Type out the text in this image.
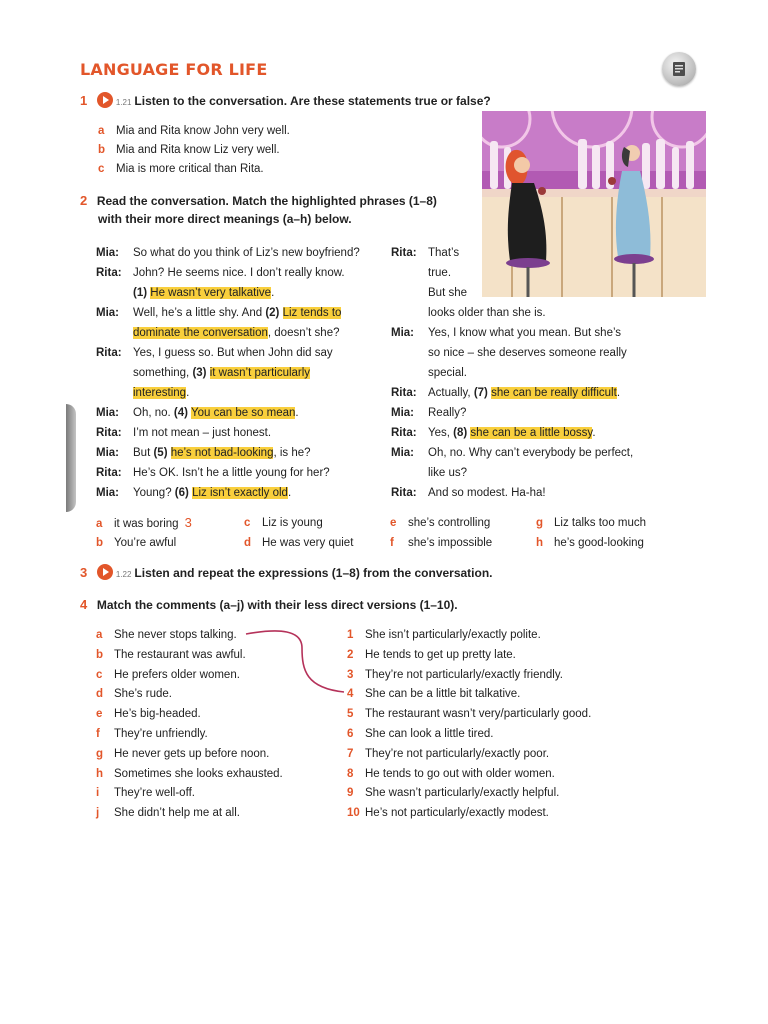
LANGUAGE FOR LIFE
1	1.21 Listen to the conversation. Are these statements true or false?
a Mia and Rita know John very well.
b Mia and Rita know Liz very well.
c Mia is more critical than Rita.
2 Read the conversation. Match the highlighted phrases (1–8)
with their more direct meanings (a–h) below.
Mia: So what do you think of Liz’s new boyfriend?
Rita: John? He seems nice. I don’t really know.
(1) He wasn’t very talkative.
Mia: Well, he’s a little shy. And (2) Liz tends to
dominate the conversation, doesn’t she?
Rita: Yes, I guess so. But when John did say
something, (3) it wasn’t particularly
interesting.
Mia: Oh, no. (4) You can be so mean.
Rita: I’m not mean – just honest.
Mia: But (5) he’s not bad-looking, is he?
Rita: He’s OK. Isn’t he a little young for her?
Mia: Young? (6) Liz isn’t exactly old.
Rita: That’s
true.
But she
looks older than she is.
Mia: Yes, I know what you mean. But she’s
so nice – she deserves someone really
special.
Rita: Actually, (7) she can be really difficult.
Mia: Really?
Rita: Yes, (8) she can be a little bossy.
Mia: Oh, no. Why can’t everybody be perfect,
like us?
Rita: And so modest. Ha-ha!
a it was boring 3
b You’re awful
c Liz is young
d He was very quiet
e she’s controlling
f she’s impossible
g Liz talks too much
h he’s good-looking
3	1.22 Listen and repeat the expressions (1–8) from the conversation.
4 Match the comments (a–j) with their less direct versions (1–10).
a She never stops talking.
b The restaurant was awful.
c He prefers older women.
d She’s rude.
e He’s big-headed.
f They’re unfriendly.
g He never gets up before noon.
h Sometimes she looks exhausted.
i They’re well-off.
j She didn’t help me at all.
1 She isn’t particularly/exactly polite.
2 He tends to get up pretty late.
3 They’re not particularly/exactly friendly.
4 She can be a little bit talkative.
5 The restaurant wasn’t very/particularly good.
6 She can look a little tired.
7 They’re not particularly/exactly poor.
8 He tends to go out with older women.
9 She wasn’t particularly/exactly helpful.
10 He’s not particularly/exactly modest.
